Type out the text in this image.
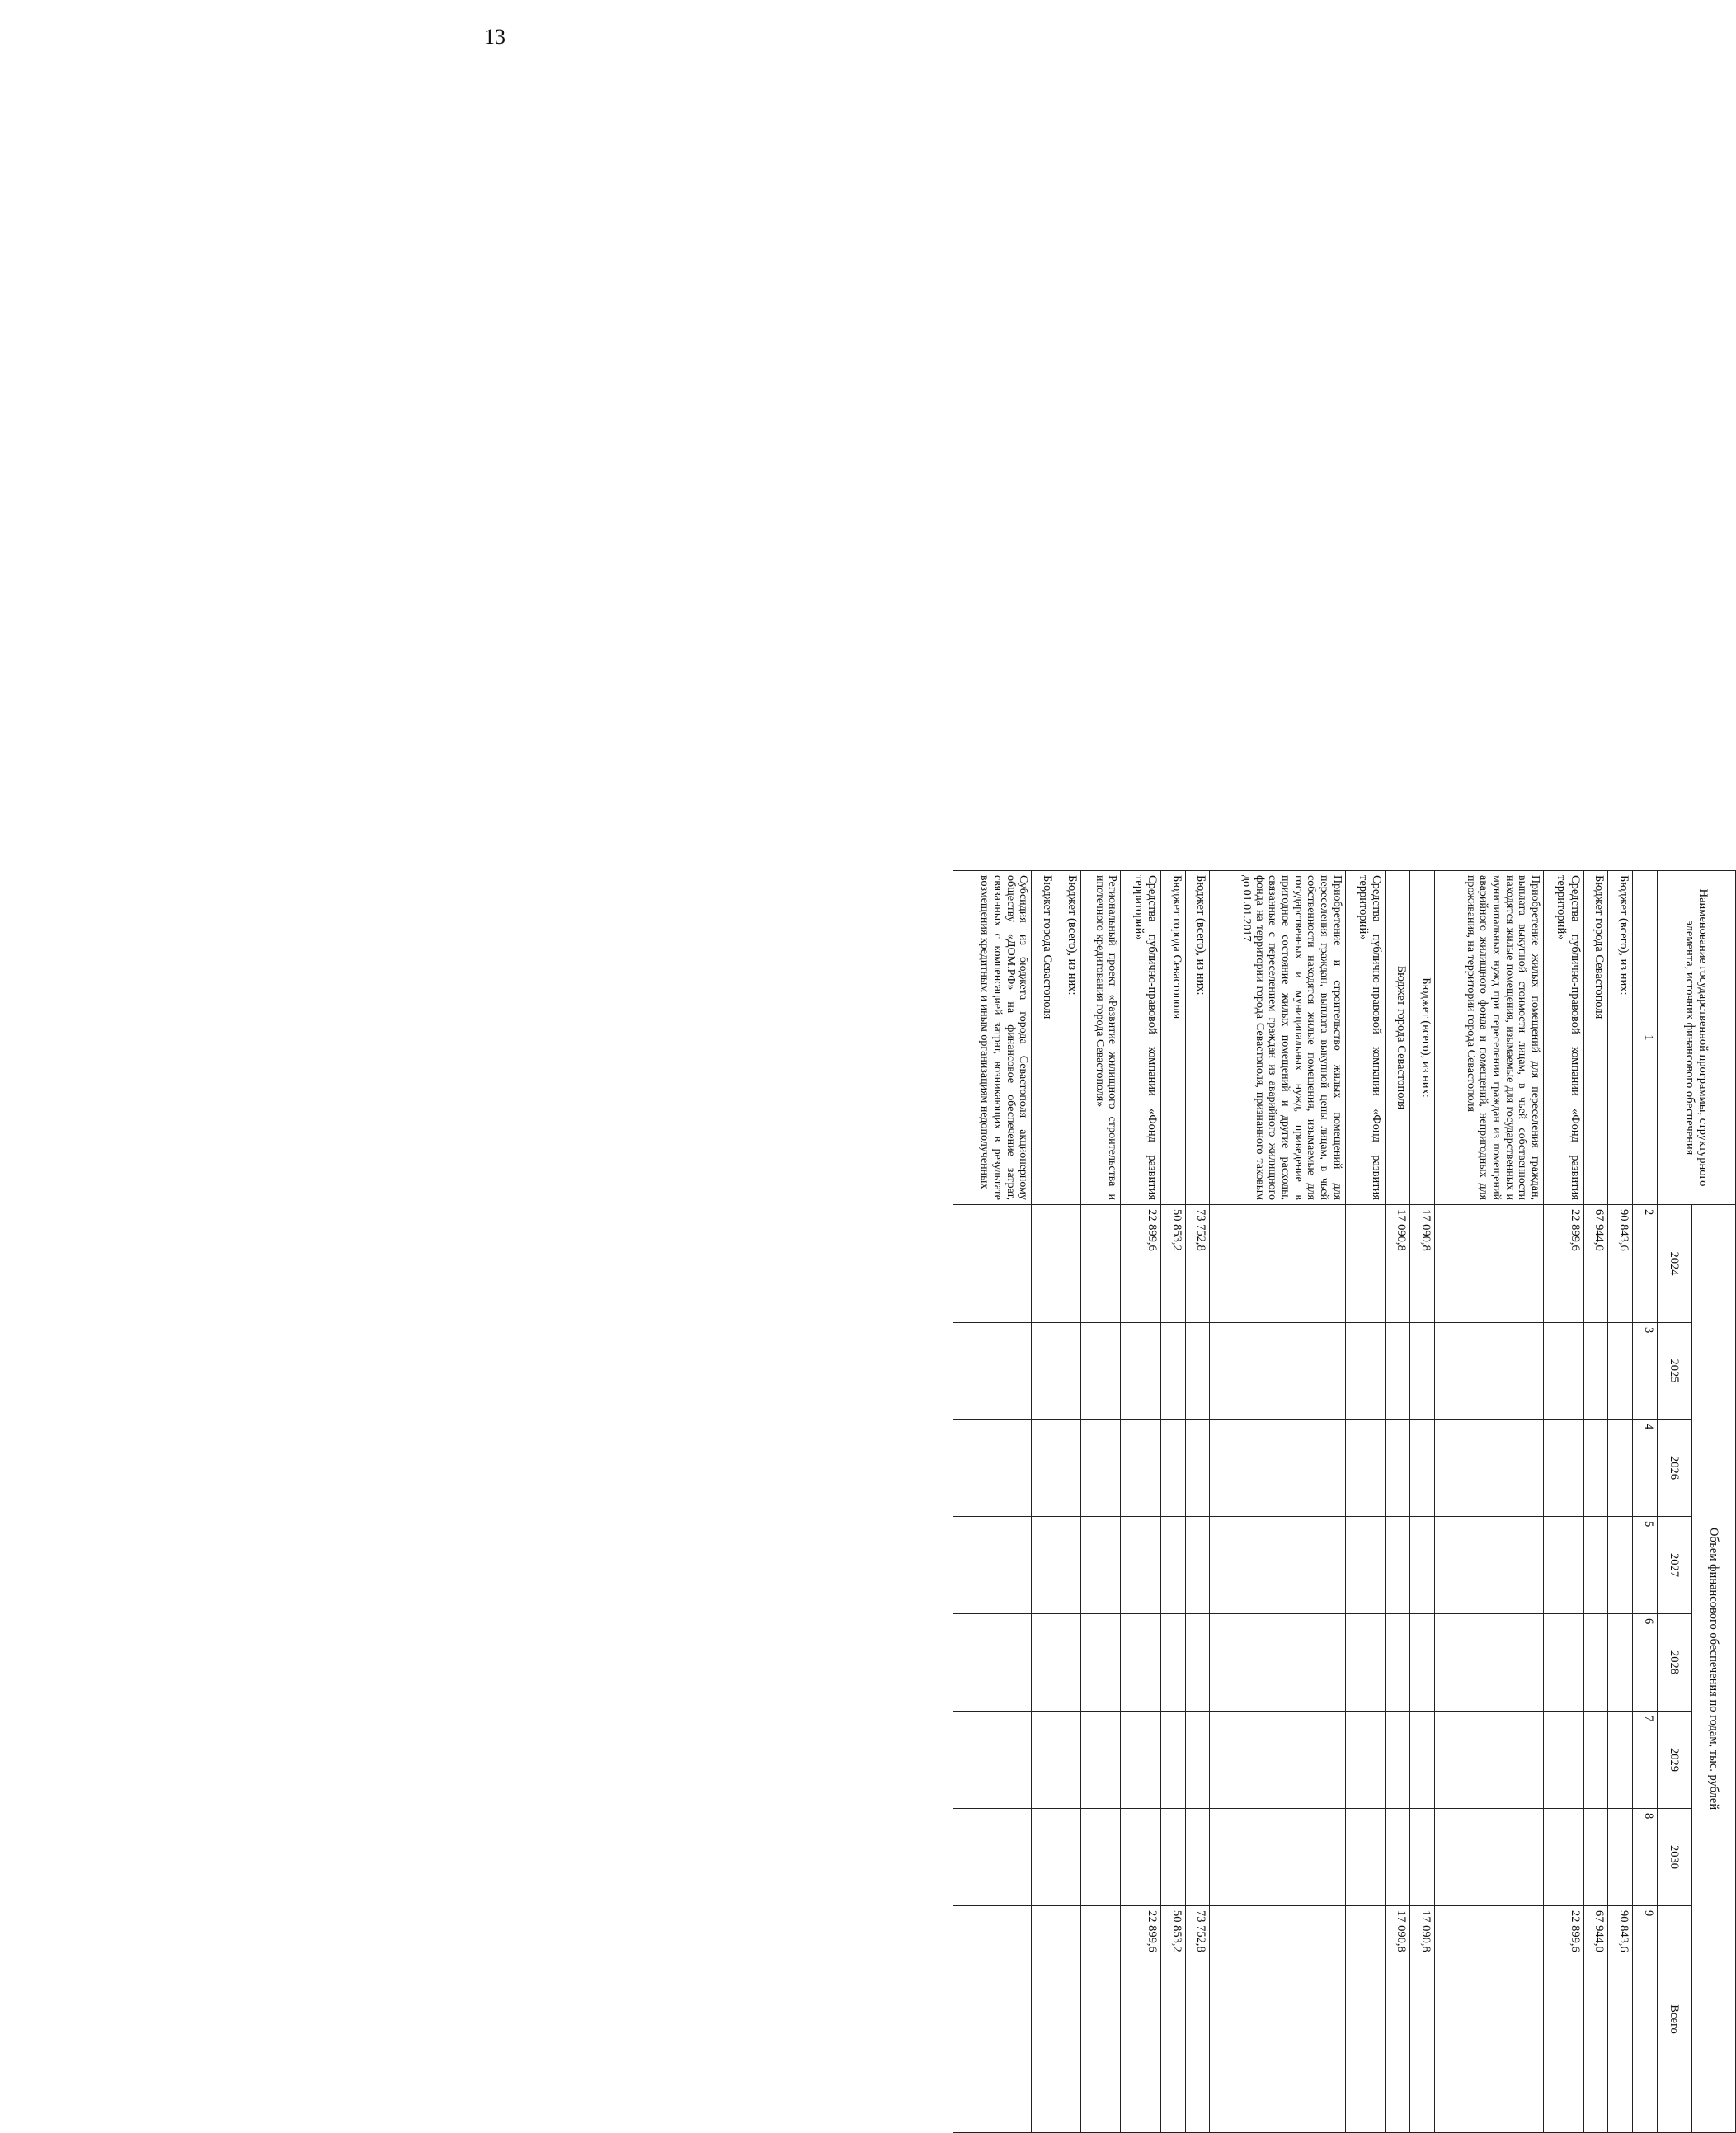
13
Наименование государственной программы, структурного элемента, источник финансового обеспечения	Объем финансового обеспечения по годам, тыс. рублей							
	2024	2025	2026	2027	2028	2029	2030	Всего
1	2	3	4	5	6	7	8	9
Бюджет (всего), из них:	90 843,6							90 843,6
Бюджет города Севастополя	67 944,0							67 944,0
Средства публично-правовой компании «Фонд развития территорий»	22 899,6							22 899,6
Приобретение жилых помещений для переселения граждан, выплата выкупной стоимости лицам, в чьей собственности находятся жилые помещения, изымаемые для государственных и муниципальных нужд при переселении граждан из помещений аварийного жилищного фонда и помещений, непригодных для проживания, на территории города Севастополя								
Бюджет (всего), из них:	17 090,8							17 090,8
Бюджет города Севастополя	17 090,8							17 090,8
Средства публично-правовой компании «Фонд развития территорий»								
Приобретение и строительство жилых помещений для переселения граждан, выплата выкупной цены лицам, в чьей собственности находятся жилые помещения, изымаемые для государственных и муниципальных нужд, приведение в пригодное состояние жилых помещений и другие расходы, связанные с переселением граждан из аварийного жилищного фонда на территории города Севастополя, признанного таковым до 01.01.2017								
Бюджет (всего), из них:	73 752,8							73 752,8
Бюджет города Севастополя	50 853,2							50 853,2
Средства публично-правовой компании «Фонд развития территорий»	22 899,6							22 899,6
Региональный проект «Развитие жилищного строительства и ипотечного кредитования города Севастополя»								
Бюджет (всего), из них:								
Бюджет города Севастополя								
Субсидия из бюджета города Севастополя акционерному обществу «ДОМ.РФ» на финансовое обеспечение затрат, связанных с компенсацией затрат, возникающих в результате возмещения кредитным и иным организациям недополученных								
